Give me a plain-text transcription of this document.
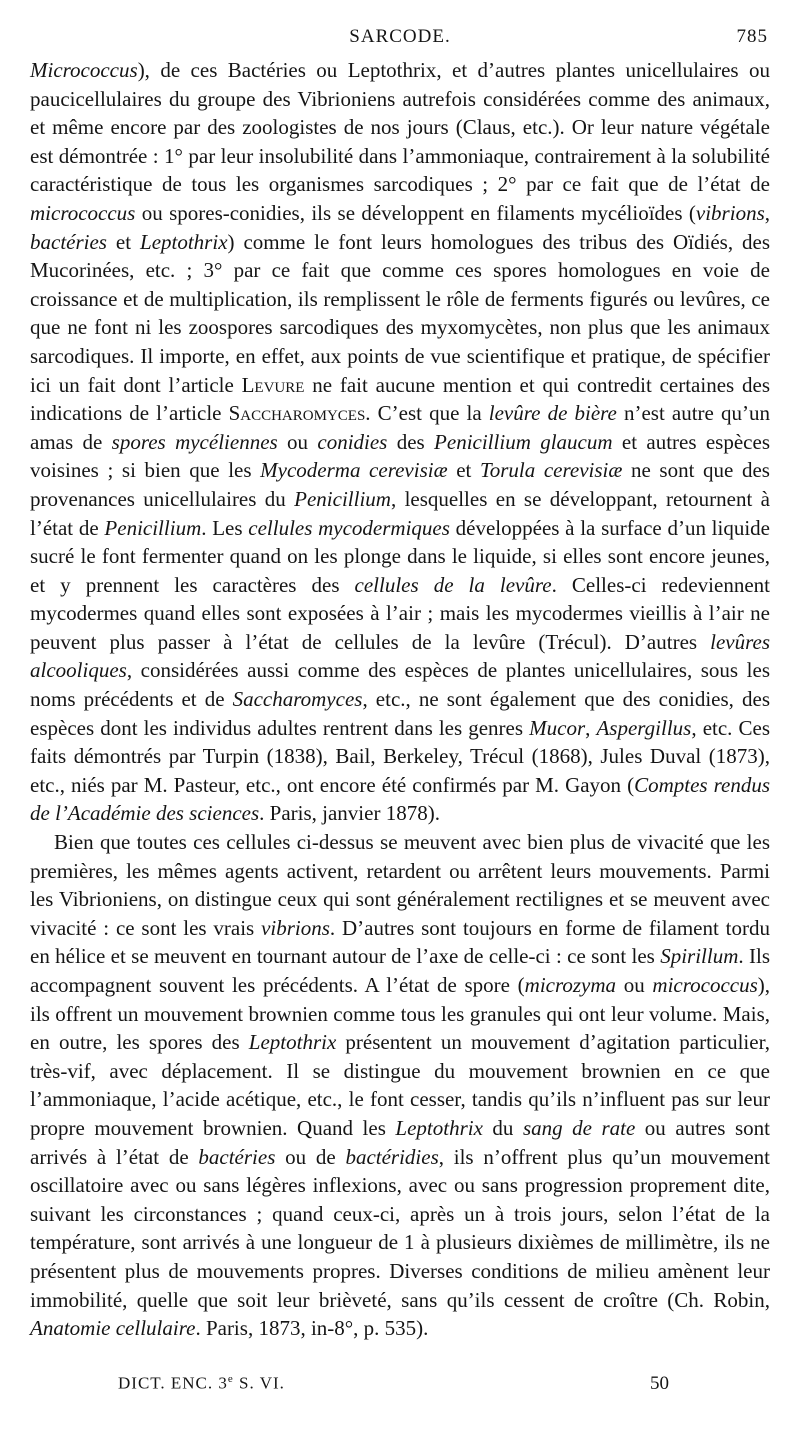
SARCODE.	785

Micrococcus), de ces Bactéries ou Leptothrix, et d’autres plantes unicellulaires ou paucicellulaires du groupe des Vibrioniens autrefois considérées comme des animaux, et même encore par des zoologistes de nos jours (Claus, etc.). Or leur nature végétale est démontrée : 1° par leur insolubilité dans l’ammoniaque, contrairement à la solubilité caractéristique de tous les organismes sarcodiques ; 2° par ce fait que de l’état de micrococcus ou spores-conidies, ils se développent en filaments mycélioïdes (vibrions, bactéries et Leptothrix) comme le font leurs homologues des tribus des Oïdiés, des Mucorinées, etc. ; 3° par ce fait que comme ces spores homologues en voie de croissance et de multiplication, ils remplissent le rôle de ferments figurés ou levûres, ce que ne font ni les zoospores sarcodiques des myxomycètes, non plus que les animaux sarcodiques. Il importe, en effet, aux points de vue scientifique et pratique, de spécifier ici un fait dont l’article Levure ne fait aucune mention et qui contredit certaines des indications de l’article Saccharomyces. C’est que la levûre de bière n’est autre qu’un amas de spores mycéliennes ou conidies des Penicillium glaucum et autres espèces voisines ; si bien que les Mycoderma cerevisiæ et Torula cerevisiæ ne sont que des provenances unicellulaires du Penicillium, lesquelles en se développant, retournent à l’état de Penicillium. Les cellules mycodermiques développées à la surface d’un liquide sucré le font fermenter quand on les plonge dans le liquide, si elles sont encore jeunes, et y prennent les caractères des cellules de la levûre. Celles-ci redeviennent mycodermes quand elles sont exposées à l’air ; mais les mycodermes vieillis à l’air ne peuvent plus passer à l’état de cellules de la levûre (Trécul). D’autres levûres alcooliques, considérées aussi comme des espèces de plantes unicellulaires, sous les noms précédents et de Saccharomyces, etc., ne sont également que des conidies, des espèces dont les individus adultes rentrent dans les genres Mucor, Aspergillus, etc. Ces faits démontrés par Turpin (1838), Bail, Berkeley, Trécul (1868), Jules Duval (1873), etc., niés par M. Pasteur, etc., ont encore été confirmés par M. Gayon (Comptes rendus de l’Académie des sciences. Paris, janvier 1878).

Bien que toutes ces cellules ci-dessus se meuvent avec bien plus de vivacité que les premières, les mêmes agents activent, retardent ou arrêtent leurs mouvements. Parmi les Vibrioniens, on distingue ceux qui sont généralement rectilignes et se meuvent avec vivacité : ce sont les vrais vibrions. D’autres sont toujours en forme de filament tordu en hélice et se meuvent en tournant autour de l’axe de celle-ci : ce sont les Spirillum. Ils accompagnent souvent les précédents. A l’état de spore (microzyma ou micrococcus), ils offrent un mouvement brownien comme tous les granules qui ont leur volume. Mais, en outre, les spores des Leptothrix présentent un mouvement d’agitation particulier, très-vif, avec déplacement. Il se distingue du mouvement brownien en ce que l’ammoniaque, l’acide acétique, etc., le font cesser, tandis qu’ils n’influent pas sur leur propre mouvement brownien. Quand les Leptothrix du sang de rate ou autres sont arrivés à l’état de bactéries ou de bactéridies, ils n’offrent plus qu’un mouvement oscillatoire avec ou sans légères inflexions, avec ou sans progression proprement dite, suivant les circonstances ; quand ceux-ci, après un à trois jours, selon l’état de la température, sont arrivés à une longueur de 1 à plusieurs dixièmes de millimètre, ils ne présentent plus de mouvements propres. Diverses conditions de milieu amènent leur immobilité, quelle que soit leur brièveté, sans qu’ils cessent de croître (Ch. Robin, Anatomie cellulaire. Paris, 1873, in-8°, p. 535).

DICT. ENC. 3e S. VI.	50
